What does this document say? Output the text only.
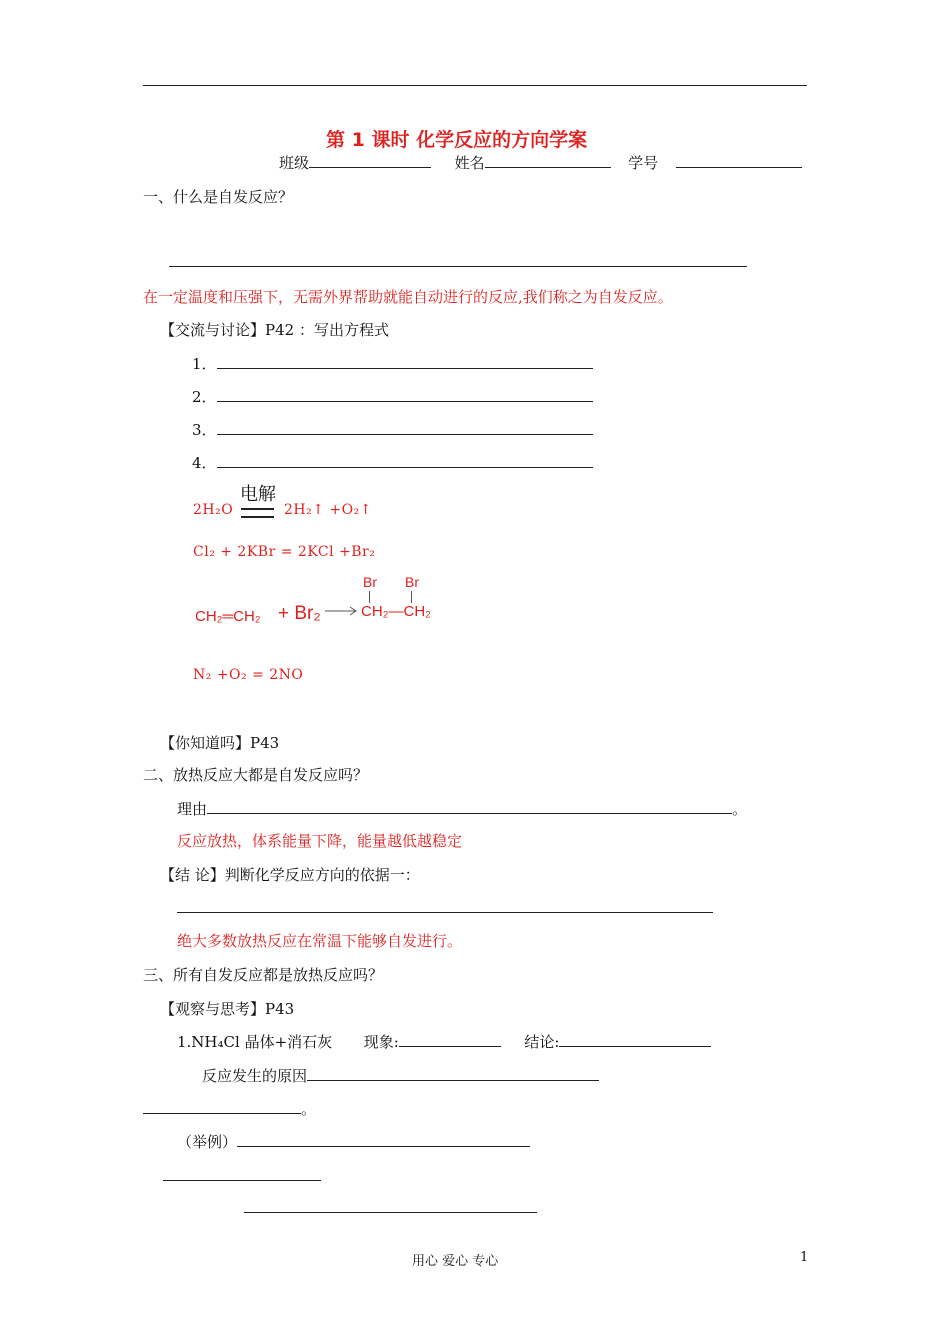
第 1 课时 化学反应的方向学案
班级	姓名	学号
一、什么是自发反应？
在一定温度和压强下，无需外界帮助就能自动进行的反应,我们称之为自发反应。
【交流与讨论】P42 ：写出方程式
1．
2．
3．
4．
电解
2H₂O	2H₂↑ +O₂↑
Cl₂ + 2KBr = 2KCl +Br₂
CH₂═CH₂ + Br₂ →
Br Br
CH₂—CH₂
N₂ +O₂ = 2NO
【你知道吗】P43
二、放热反应大都是自发反应吗？
理由	。
反应放热，体系能量下降，能量越低越稳定
【结 论】判断化学反应方向的依据一：
绝大多数放热反应在常温下能够自发进行。
三、所有自发反应都是放热反应吗？
【观察与思考】P43
1.NH₄Cl 晶体+消石灰 现象:	结论:
反应发生的原因
。
（举例）
用心 爱心 专心	1
